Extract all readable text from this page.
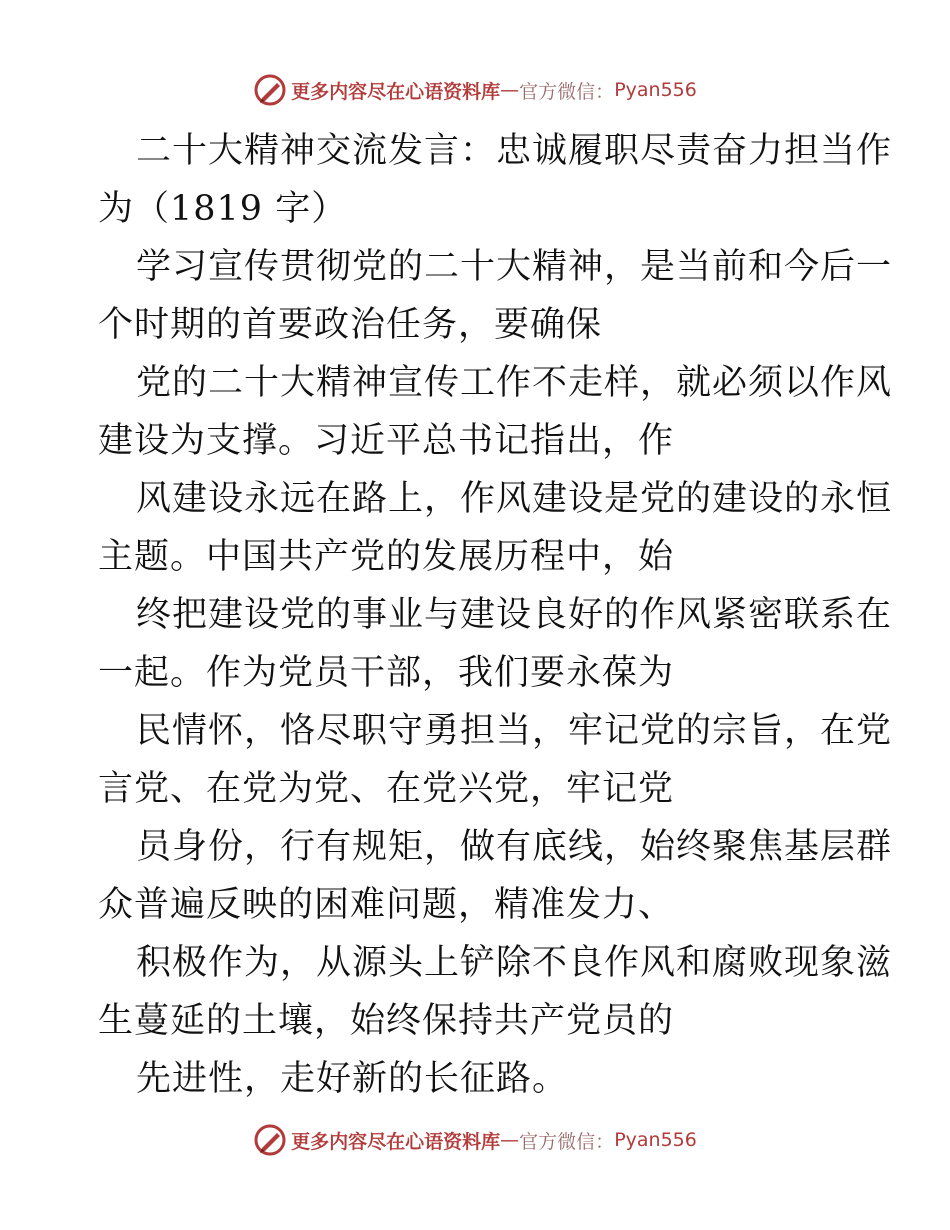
更多内容尽在心语资料库 — 官方微信： Pyan556
二十大精神交流发言：忠诚履职尽责奋力担当作
为（1819 字）
学习宣传贯彻党的二十大精神，是当前和今后一
个时期的首要政治任务，要确保
党的二十大精神宣传工作不走样，就必须以作风
建设为支撑。习近平总书记指出，作
风建设永远在路上，作风建设是党的建设的永恒
主题。中国共产党的发展历程中，始
终把建设党的事业与建设良好的作风紧密联系在
一起。作为党员干部，我们要永葆为
民情怀，恪尽职守勇担当，牢记党的宗旨，在党
言党、在党为党、在党兴党，牢记党
员身份，行有规矩，做有底线，始终聚焦基层群
众普遍反映的困难问题，精准发力、
积极作为，从源头上铲除不良作风和腐败现象滋
生蔓延的土壤，始终保持共产党员的
先进性，走好新的长征路。
更多内容尽在心语资料库 — 官方微信： Pyan556
